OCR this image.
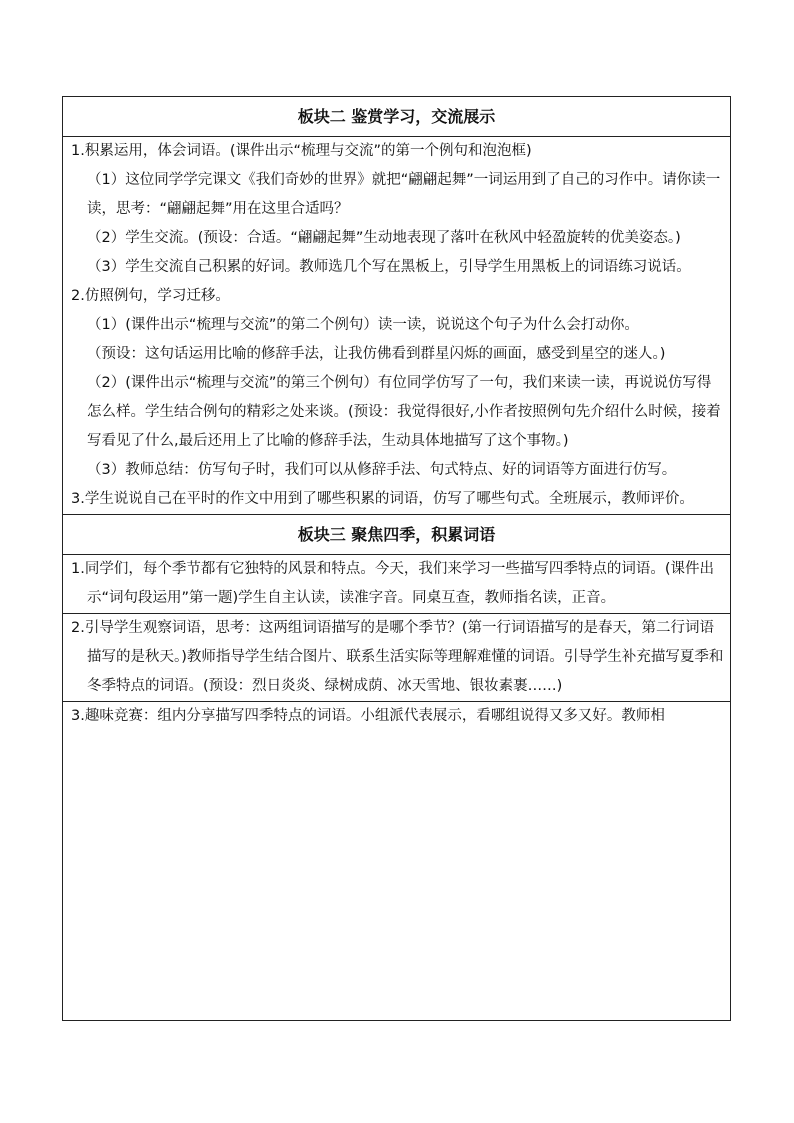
板块二 鉴赏学习，交流展示

1.积累运用，体会词语。(课件出示“梳理与交流”的第一个例句和泡泡框)

（1）这位同学学完课文《我们奇妙的世界》就把“翩翩起舞”一词运用到了自己的习作中。请你读一读，思考：“翩翩起舞”用在这里合适吗？

（2）学生交流。(预设：合适。“翩翩起舞”生动地表现了落叶在秋风中轻盈旋转的优美姿态。)

（3）学生交流自己积累的好词。教师选几个写在黑板上，引导学生用黑板上的词语练习说话。

2.仿照例句，学习迁移。

（1）(课件出示“梳理与交流”的第二个例句）读一读，说说这个句子为什么会打动你。

（预设：这句话运用比喻的修辞手法，让我仿佛看到群星闪烁的画面，感受到星空的迷人。)

（2）(课件出示“梳理与交流”的第三个例句）有位同学仿写了一句，我们来读一读，再说说仿写得怎么样。学生结合例句的精彩之处来谈。(预设：我觉得很好,小作者按照例句先介绍什么时候，接着写看见了什么,最后还用上了比喻的修辞手法，生动具体地描写了这个事物。)

（3）教师总结：仿写句子时，我们可以从修辞手法、句式特点、好的词语等方面进行仿写。

3.学生说说自己在平时的作文中用到了哪些积累的词语，仿写了哪些句式。全班展示，教师评价。

板块三 聚焦四季，积累词语

1.同学们，每个季节都有它独特的风景和特点。今天，我们来学习一些描写四季特点的词语。(课件出示“词句段运用”第一题)学生自主认读，读准字音。同桌互查，教师指名读，正音。

2.引导学生观察词语，思考：这两组词语描写的是哪个季节？(第一行词语描写的是春天，第二行词语描写的是秋天。)教师指导学生结合图片、联系生活实际等理解难懂的词语。引导学生补充描写夏季和冬季特点的词语。(预设：烈日炎炎、绿树成荫、冰天雪地、银妆素裹……)

3.趣味竞赛：组内分享描写四季特点的词语。小组派代表展示，看哪组说得又多又好。教师相
